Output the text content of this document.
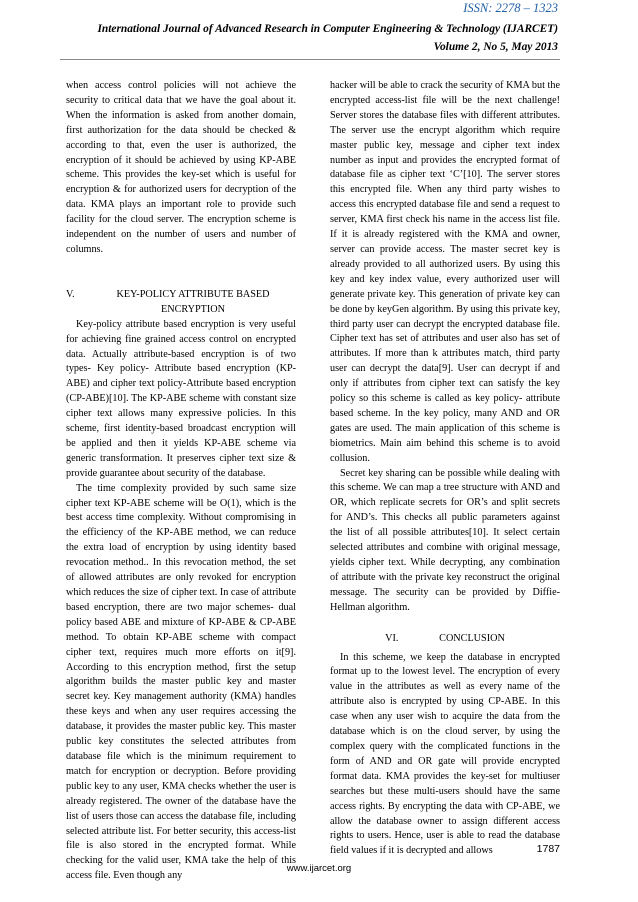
ISSN: 2278 – 1323
International Journal of Advanced Research in Computer Engineering & Technology (IJARCET)
Volume 2, No 5, May 2013

when access control policies will not achieve the security to critical data that we have the goal about it. When the information is asked from another domain, first authorization for the data should be checked & according to that, even the user is authorized, the encryption of it should be achieved by using KP-ABE scheme. This provides the key-set which is useful for encryption & for authorized users for decryption of the data. KMA plays an important role to provide such facility for the cloud server. The encryption scheme is independent on the number of users and number of columns.

V.	KEY-POLICY ATTRIBUTE BASED ENCRYPTION

Key-policy attribute based encryption is very useful for achieving fine grained access control on encrypted data. Actually attribute-based encryption is of two types- Key policy- Attribute based encryption (KP-ABE) and cipher text policy-Attribute based encryption (CP-ABE)[10]. The KP-ABE scheme with constant size cipher text allows many expressive policies. In this scheme, first identity-based broadcast encryption will be applied and then it yields KP-ABE scheme via generic transformation. It preserves cipher text size & provide guarantee about security of the database.

The time complexity provided by such same size cipher text KP-ABE scheme will be O(1), which is the best access time complexity. Without compromising in the efficiency of the KP-ABE method, we can reduce the extra load of encryption by using identity based revocation method.. In this revocation method, the set of allowed attributes are only revoked for encryption which reduces the size of cipher text. In case of attribute based encryption, there are two major schemes- dual policy based ABE and mixture of KP-ABE & CP-ABE method. To obtain KP-ABE scheme with compact cipher text, requires much more efforts on it[9]. According to this encryption method, first the setup algorithm builds the master public key and master secret key. Key management authority (KMA) handles these keys and when any user requires accessing the database, it provides the master public key. This master public key constitutes the selected attributes from database file which is the minimum requirement to match for encryption or decryption. Before providing public key to any user, KMA checks whether the user is already registered. The owner of the database have the list of users those can access the database file, including selected attribute list. For better security, this access-list file is also stored in the encrypted format. While checking for the valid user, KMA take the help of this access file. Even though any

hacker will be able to crack the security of KMA but the encrypted access-list file will be the next challenge! Server stores the database files with different attributes. The server use the encrypt algorithm which require master public key, message and cipher text index number as input and provides the encrypted format of database file as cipher text ‘C’[10]. The server stores this encrypted file. When any third party wishes to access this encrypted database file and send a request to server, KMA first check his name in the access list file. If it is already registered with the KMA and owner, server can provide access. The master secret key is already provided to all authorized users. By using this key and key index value, every authorized user will generate private key. This generation of private key can be done by keyGen algorithm. By using this private key, third party user can decrypt the encrypted database file. Cipher text has set of attributes and user also has set of attributes. If more than k attributes match, third party user can decrypt the data[9]. User can decrypt if and only if attributes from cipher text can satisfy the key policy so this scheme is called as key policy- attribute based scheme. In the key policy, many AND and OR gates are used. The main application of this scheme is biometrics. Main aim behind this scheme is to avoid collusion.

Secret key sharing can be possible while dealing with this scheme. We can map a tree structure with AND and OR, which replicate secrets for OR’s and split secrets for AND’s. This checks all public parameters against the list of all possible attributes[10]. It select certain selected attributes and combine with original message, yields cipher text. While decrypting, any combination of attribute with the private key reconstruct the original message. The security can be provided by Diffie-Hellman algorithm.

VI.	CONCLUSION

In this scheme, we keep the database in encrypted format up to the lowest level. The encryption of every value in the attributes as well as every name of the attribute also is encrypted by using CP-ABE. In this case when any user wish to acquire the data from the database which is on the cloud server, by using the complex query with the complicated functions in the form of AND and OR gate will provide encrypted format data. KMA provides the key-set for multiuser searches but these multi-users should have the same access rights. By encrypting the data with CP-ABE, we allow the database owner to assign different access rights to users. Hence, user is able to read the database field values if it is decrypted and allows	1787
www.ijarcet.org
